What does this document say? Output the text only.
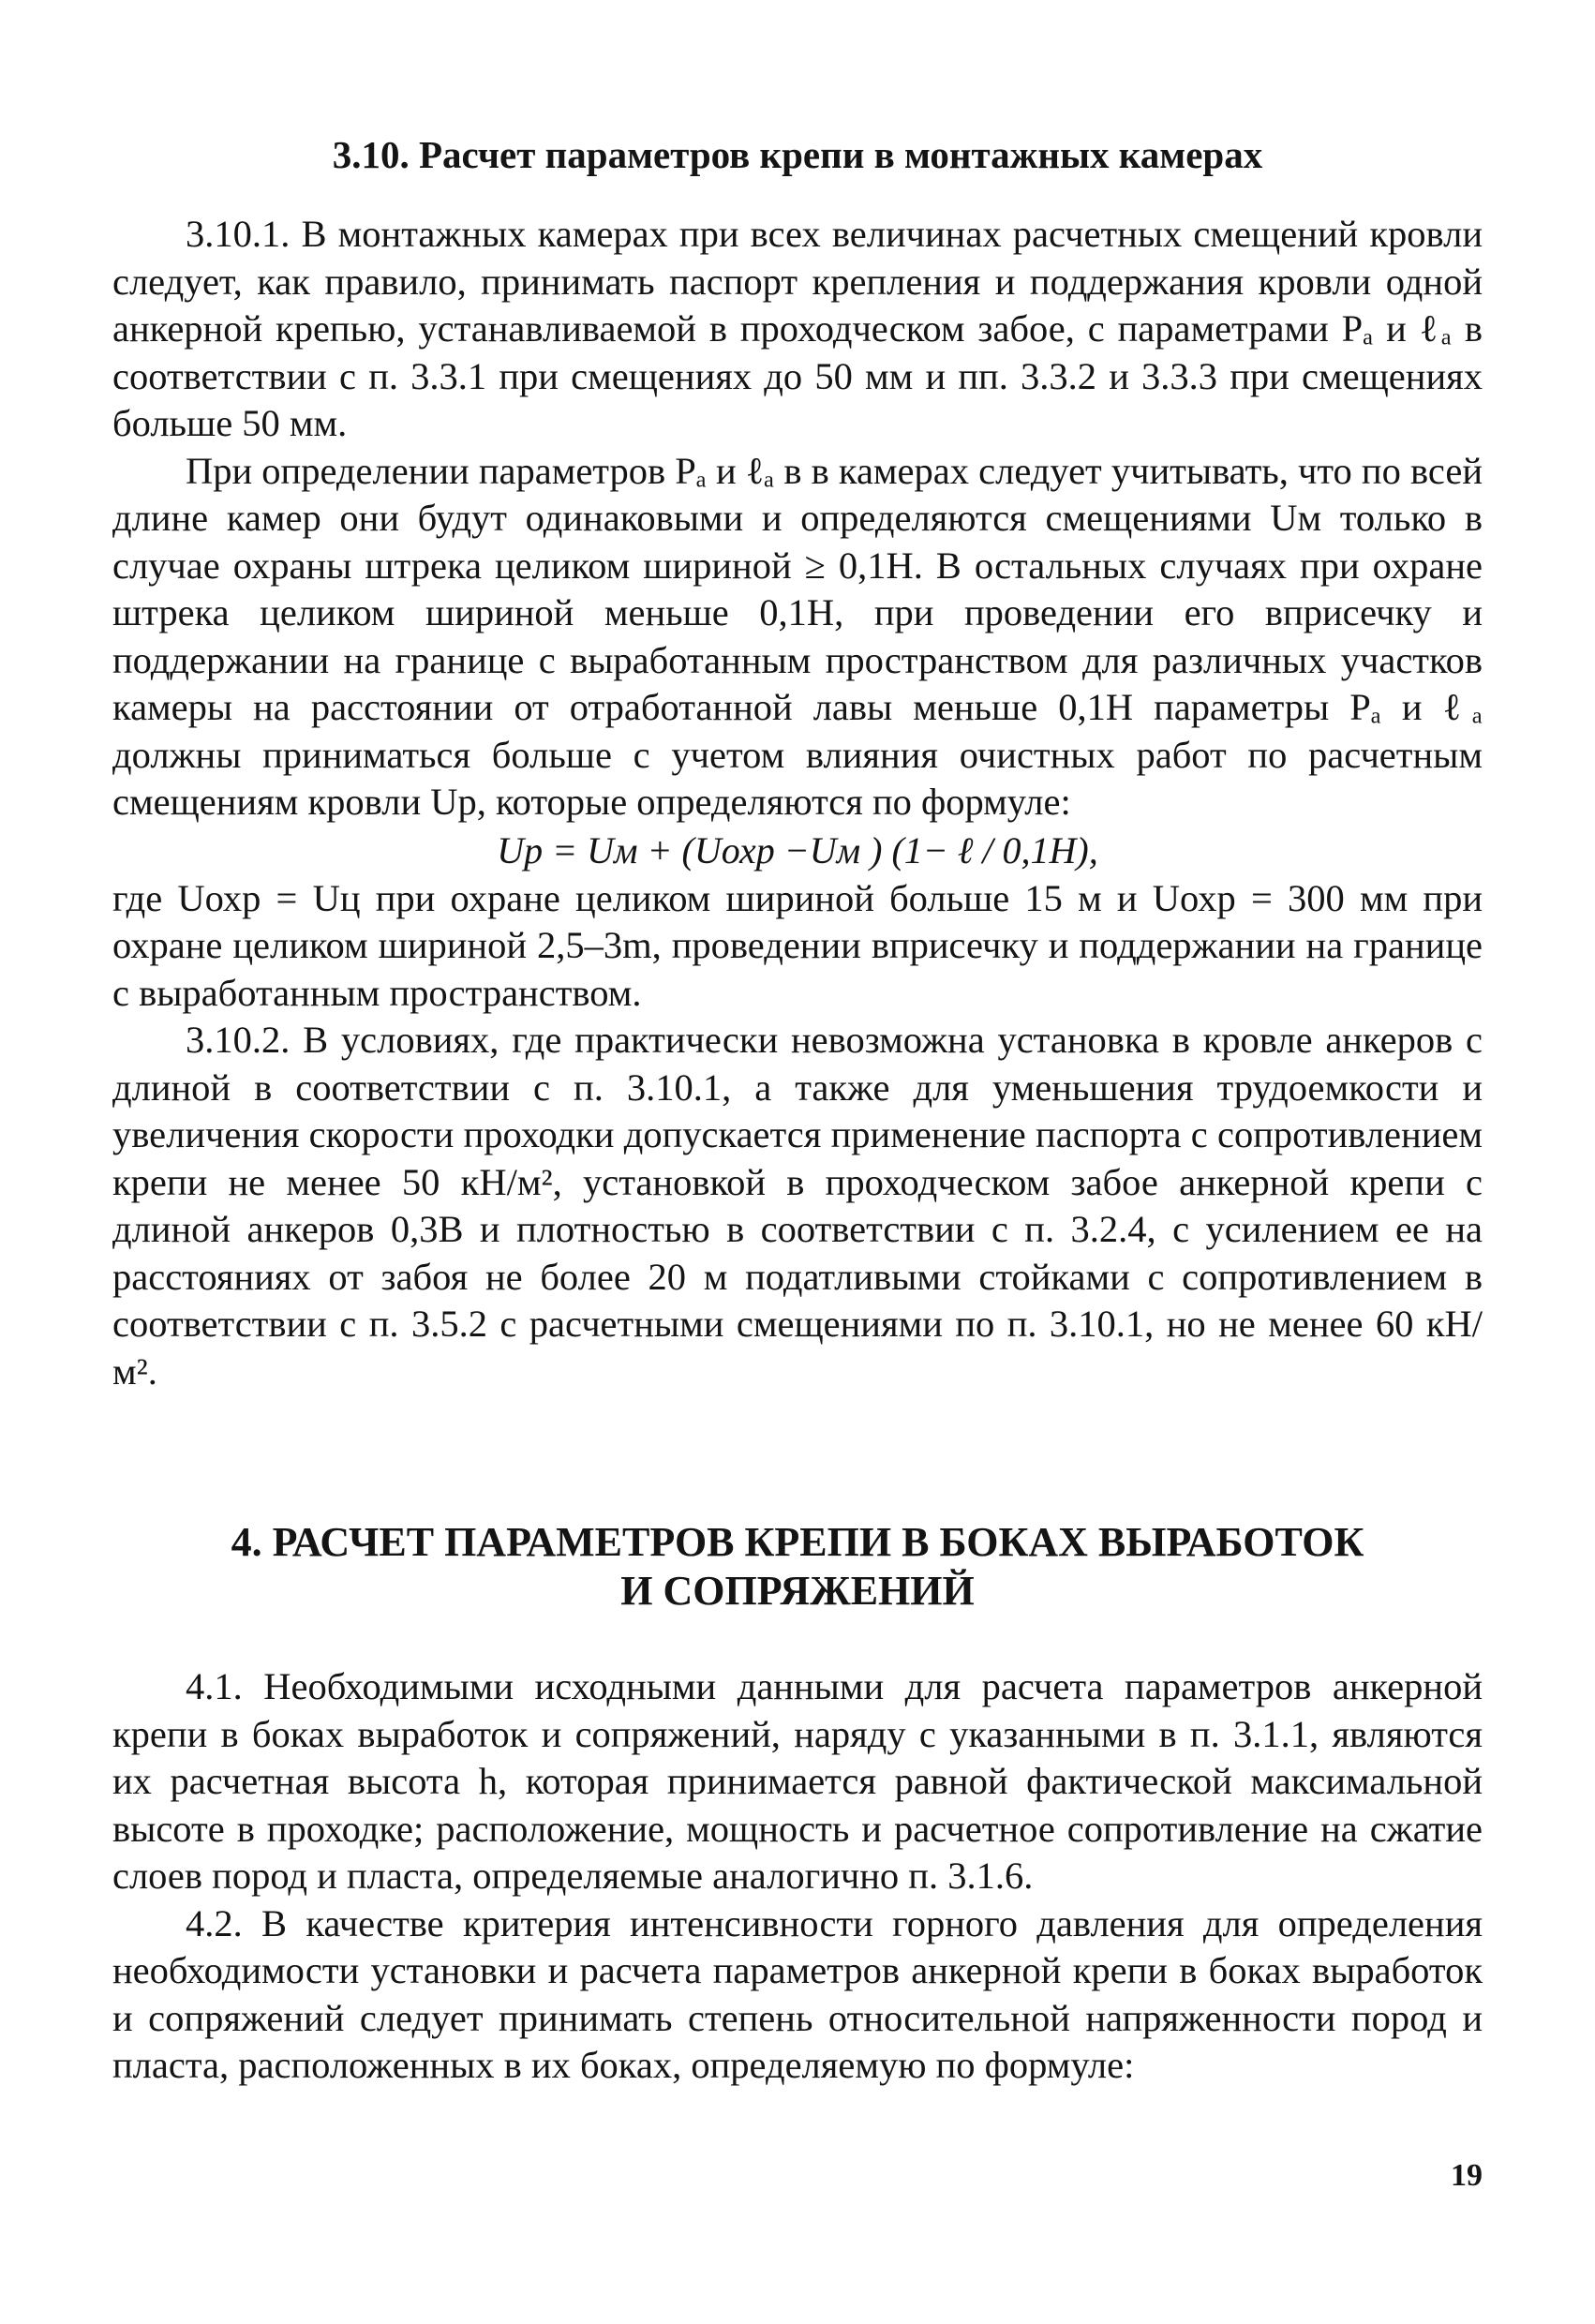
3.10. Расчет параметров крепи в монтажных камерах

3.10.1. В монтажных камерах при всех величинах расчетных смещений кровли следует, как правило, принимать паспорт крепления и поддержания кровли одной анкерной крепью, устанавливаемой в проходческом забое, с параметрами Pₐ и ℓₐ в соответствии с п. 3.3.1 при смещениях до 50 мм и пп. 3.3.2 и 3.3.3 при смещениях больше 50 мм.

При определении параметров Pₐ и ℓₐ в в камерах следует учитывать, что по всей длине камер они будут одинаковыми и определяются смещениями Uм только в случае охраны штрека целиком шириной ≥ 0,1H. В остальных случаях при охране штрека целиком шириной меньше 0,1H, при проведении его вприсечку и поддержании на границе с выработанным пространством для различных участков камеры на расстоянии от отработанной лавы меньше 0,1H параметры Pₐ и ℓₐ должны приниматься больше с учетом влияния очистных работ по расчетным смещениям кровли Uр, которые определяются по формуле:

Uр = Uм + (Uохр −Uм ) (1− ℓ / 0,1H),

где Uохр = Uц при охране целиком шириной больше 15 м и Uохр = 300 мм при охране целиком шириной 2,5–3m, проведении вприсечку и поддержании на границе с выработанным пространством.

3.10.2. В условиях, где практически невозможна установка в кровле анкеров с длиной в соответствии с п. 3.10.1, а также для уменьшения трудоемкости и увеличения скорости проходки допускается применение паспорта с сопротивлением крепи не менее 50 кН/м², установкой в проходческом забое анкерной крепи с длиной анкеров 0,3B и плотностью в соответствии с п. 3.2.4, с усилением ее на расстояниях от забоя не более 20 м податливыми стойками с сопротивлением в соответствии с п. 3.5.2 с расчетными смещениями по п. 3.10.1, но не менее 60 кН/м².

4. РАСЧЕТ ПАРАМЕТРОВ КРЕПИ В БОКАХ ВЫРАБОТОК
И СОПРЯЖЕНИЙ

4.1. Необходимыми исходными данными для расчета параметров анкерной крепи в боках выработок и сопряжений, наряду с указанными в п. 3.1.1, являются их расчетная высота h, которая принимается равной фактической максимальной высоте в проходке; расположение, мощность и расчетное сопротивление на сжатие слоев пород и пласта, определяемые аналогично п. 3.1.6.

4.2. В качестве критерия интенсивности горного давления для определения необходимости установки и расчета параметров анкерной крепи в боках выработок и сопряжений следует принимать степень относительной напряженности пород и пласта, расположенных в их боках, определяемую по формуле:

19
